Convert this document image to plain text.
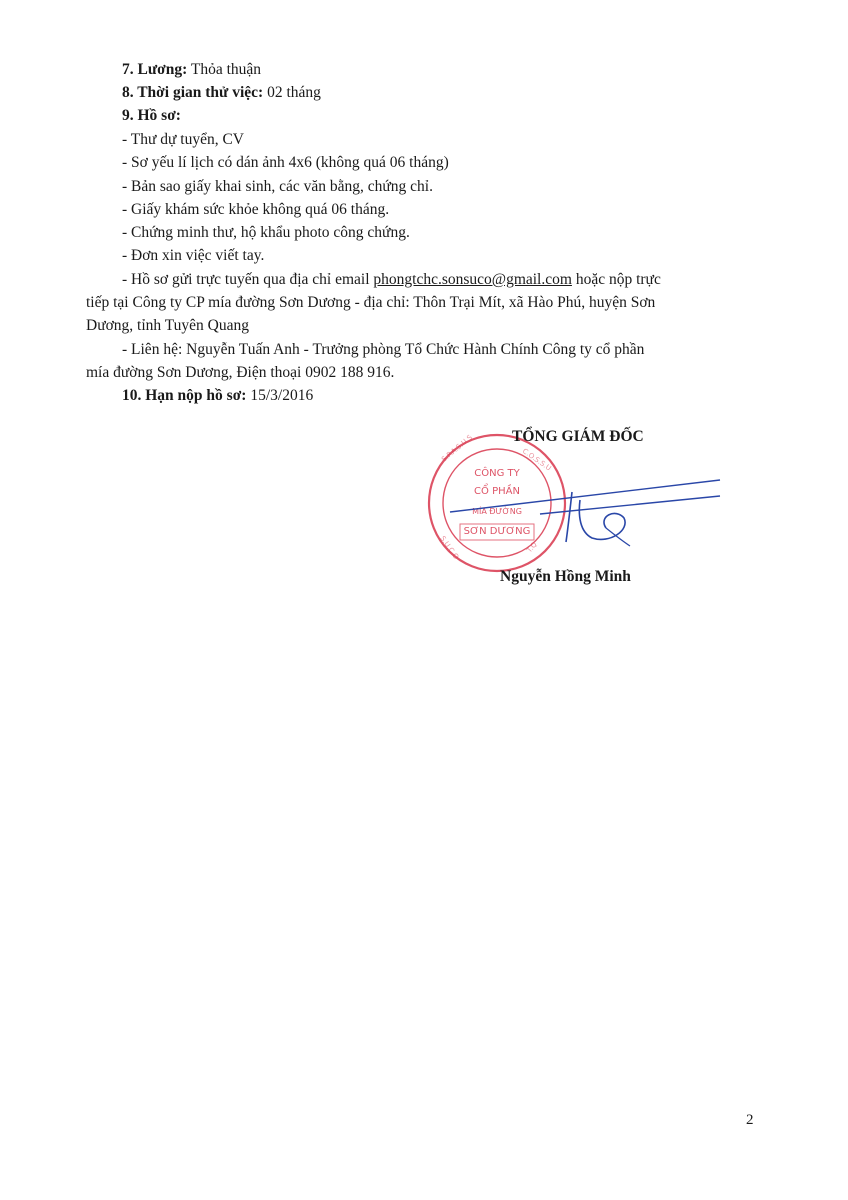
7. Lương: Thỏa thuận
8. Thời gian thử việc: 02 tháng
9. Hồ sơ:
- Thư dự tuyển, CV
- Sơ yếu lí lịch có dán ảnh 4x6 (không quá 06 tháng)
- Bản sao giấy khai sinh, các văn bằng, chứng chỉ.
- Giấy khám sức khỏe không quá 06 tháng.
- Chứng minh thư, hộ khẩu photo công chứng.
- Đơn xin việc viết tay.
- Hồ sơ gửi trực tuyến qua địa chỉ email phongtchc.sonsuco@gmail.com hoặc nộp trực
tiếp tại Công ty CP mía đường Sơn Dương - địa chỉ: Thôn Trại Mít, xã Hào Phú, huyện Sơn
Dương, tỉnh Tuyên Quang
- Liên hệ: Nguyễn Tuấn Anh - Trưởng phòng Tổ Chức Hành Chính Công ty cổ phần
mía đường Sơn Dương, Điện thoại 0902 188 916.
10. Hạn nộp hồ sơ: 15/3/2016
S.P.A.S.U.S	C.O.S.S.U
S.U.C.O	T.Q
CÔNG TY
CỔ PHẦN
MÍA ĐƯỜNG
SƠN DƯƠNG
TỔNG GIÁM ĐỐC
Nguyễn Hồng Minh
2
